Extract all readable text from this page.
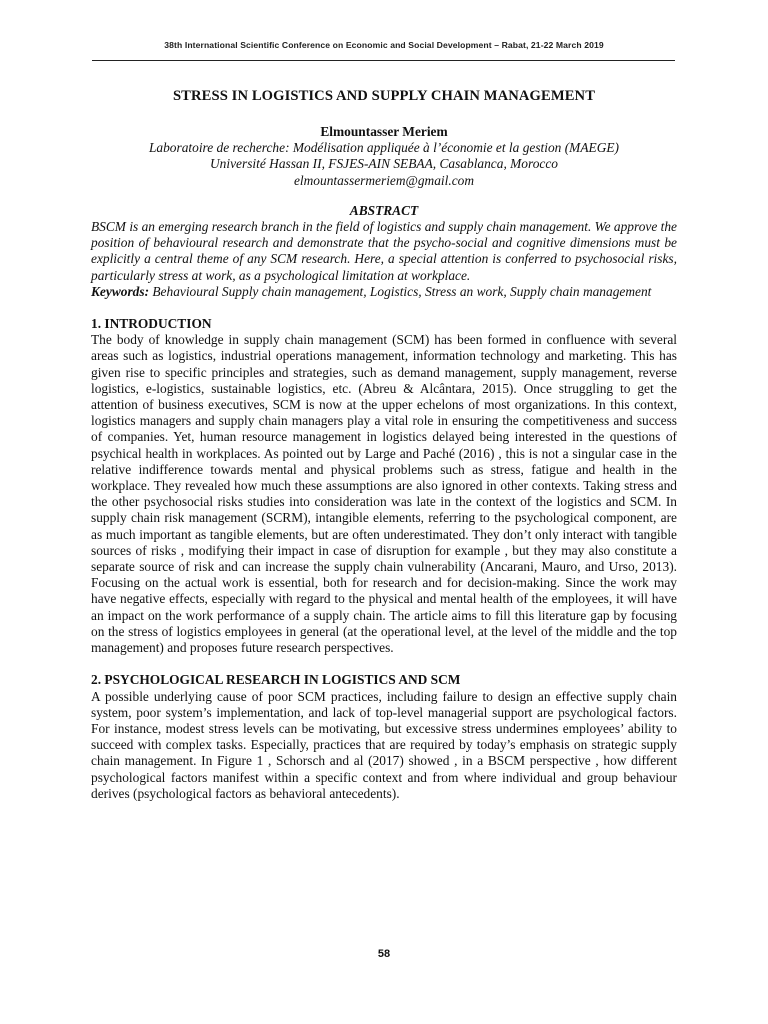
38th International Scientific Conference on Economic and Social Development – Rabat, 21-22 March 2019
STRESS IN LOGISTICS AND SUPPLY CHAIN MANAGEMENT
Elmountasser Meriem
Laboratoire de recherche: Modélisation appliquée à l’économie et la gestion (MAEGE)
Université Hassan II, FSJES-AIN SEBAA, Casablanca, Morocco
elmountassermeriem@gmail.com
ABSTRACT

BSCM is an emerging research branch in the field of logistics and supply chain management. We approve the position of behavioural research and demonstrate that the psycho-social and cognitive dimensions must be explicitly a central theme of any SCM research. Here, a special attention is conferred to psychosocial risks, particularly stress at work, as a psychological limitation at workplace.

Keywords: Behavioural Supply chain management, Logistics, Stress an work, Supply chain management

1. INTRODUCTION

The body of knowledge in supply chain management (SCM) has been formed in confluence with several areas such as logistics, industrial operations management, information technology and marketing. This has given rise to specific principles and strategies, such as demand management, supply management, reverse logistics, e-logistics, sustainable logistics, etc. (Abreu & Alcântara, 2015). Once struggling to get the attention of business executives, SCM is now at the upper echelons of most organizations. In this context, logistics managers and supply chain managers play a vital role in ensuring the competitiveness and success of companies. Yet, human resource management in logistics delayed being interested in the questions of psychical health in workplaces. As pointed out by Large and Paché (2016) , this is not a singular case in the relative indifference towards mental and physical problems such as stress, fatigue and health in the workplace. They revealed how much these assumptions are also ignored in other contexts. Taking stress and the other psychosocial risks studies into consideration was late in the context of the logistics and SCM. In supply chain risk management (SCRM), intangible elements, referring to the psychological component, are as much important as tangible elements, but are often underestimated. They don’t only interact with tangible sources of risks , modifying their impact in case of disruption for example , but they may also constitute a separate source of risk and can increase the supply chain vulnerability (Ancarani, Mauro, and Urso, 2013). Focusing on the actual work is essential, both for research and for decision-making. Since the work may have negative effects, especially with regard to the physical and mental health of the employees, it will have an impact on the work performance of a supply chain. The article aims to fill this literature gap by focusing on the stress of logistics employees in general (at the operational level, at the level of the middle and the top management) and proposes future research perspectives.

2. PSYCHOLOGICAL RESEARCH IN LOGISTICS AND SCM

A possible underlying cause of poor SCM practices, including failure to design an effective supply chain system, poor system’s implementation, and lack of top-level managerial support are psychological factors. For instance, modest stress levels can be motivating, but excessive stress undermines employees’ ability to succeed with complex tasks. Especially, practices that are required by today’s emphasis on strategic supply chain management. In Figure 1 , Schorsch and al (2017) showed , in a BSCM perspective , how different psychological factors manifest within a specific context and from where individual and group behaviour derives (psychological factors as behavioral antecedents).

58
